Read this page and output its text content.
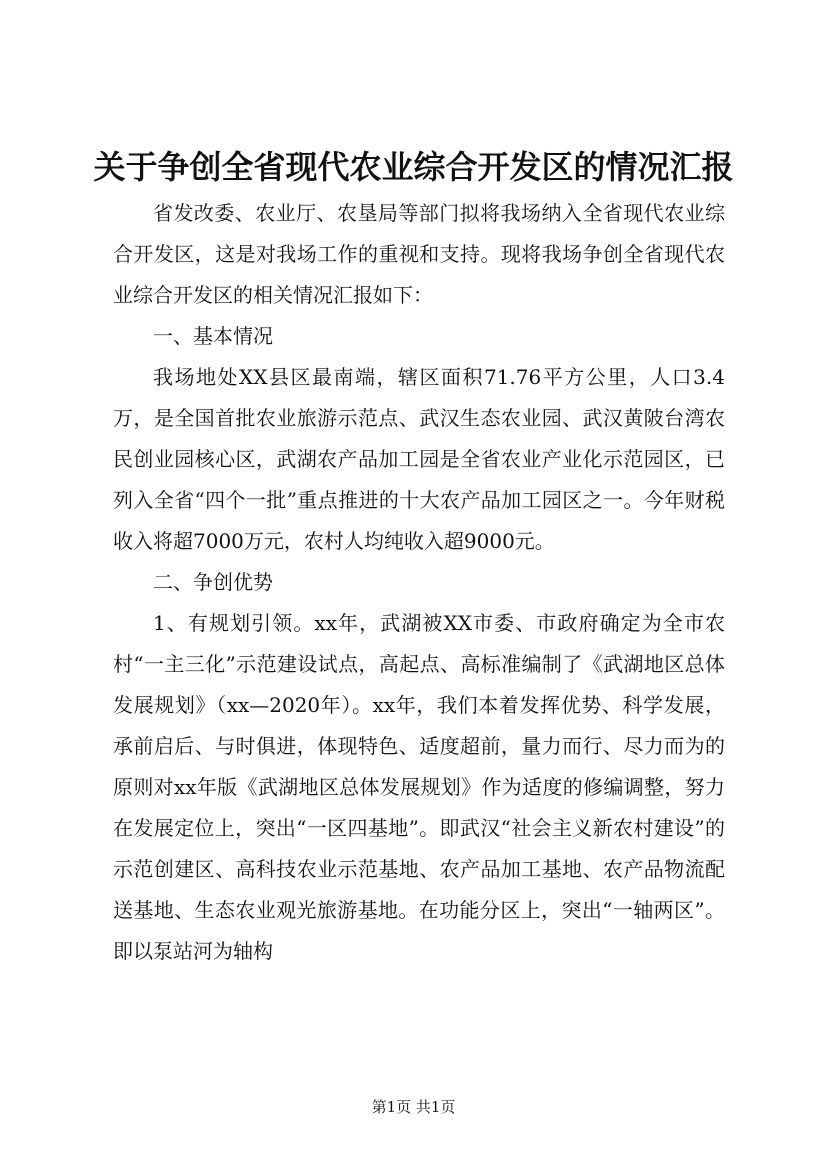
关于争创全省现代农业综合开发区的情况汇报

省发改委、农业厅、农垦局等部门拟将我场纳入全省现代农业综合开发区，这是对我场工作的重视和支持。现将我场争创全省现代农业综合开发区的相关情况汇报如下：

一、基本情况

我场地处XX县区最南端，辖区面积71.76平方公里，人口3.4万，是全国首批农业旅游示范点、武汉生态农业园、武汉黄陂台湾农民创业园核心区，武湖农产品加工园是全省农业产业化示范园区，已列入全省“四个一批”重点推进的十大农产品加工园区之一。今年财税收入将超7000万元，农村人均纯收入超9000元。

二、争创优势

1、有规划引领。xx年，武湖被XX市委、市政府确定为全市农村“一主三化”示范建设试点，高起点、高标准编制了《武湖地区总体发展规划》（xx—2020年）。xx年，我们本着发挥优势、科学发展，承前启后、与时俱进，体现特色、适度超前，量力而行、尽力而为的原则对xx年版《武湖地区总体发展规划》作为适度的修编调整，努力在发展定位上，突出“一区四基地”。即武汉“社会主义新农村建设”的示范创建区、高科技农业示范基地、农产品加工基地、农产品物流配送基地、生态农业观光旅游基地。在功能分区上，突出“一轴两区”。即以泵站河为轴构

第1页 共1页
